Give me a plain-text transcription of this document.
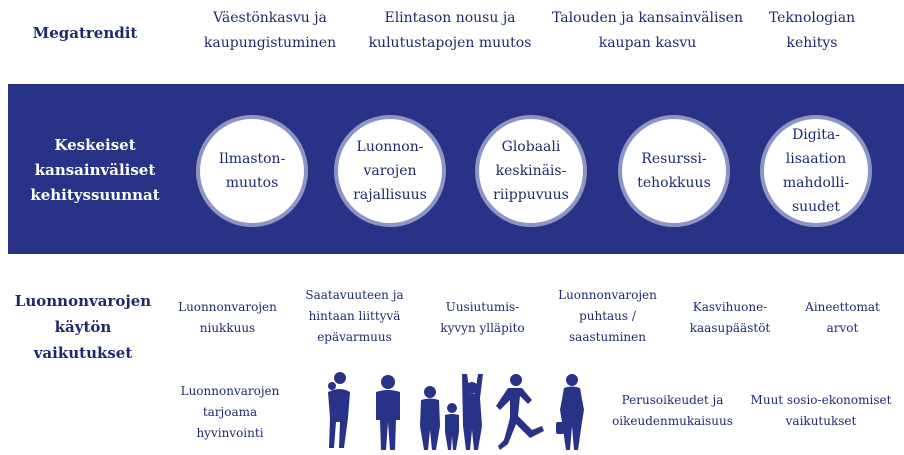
Megatrendit
Väestönkasvu ja
kaupungistuminen
Elintason nousu ja
kulutustapojen muutos
Talouden ja kansainvälisen
kaupan kasvu
Teknologian
kehitys
Keskeiset
kansainväliset
kehityssuunnat
Ilmaston-
muutos
Luonnon-
varojen
rajallisuus
Globaali
keskinäis-
riippuvuus
Resurssi-
tehokkuus
Digita-
lisaation
mahdolli-
suudet
Luonnonvarojen
käytön
vaikutukset
Luonnonvarojen
niukkuus
Saatavuuteen ja
hintaan liittyvä
epävarmuus
Uusiutumis-
kyvyn ylläpito
Luonnonvarojen
puhtaus /
saastuminen
Kasvihuone-
kaasupäästöt
Aineettomat
arvot
Luonnonvarojen
tarjoama
hyvinvointi
Perusoikeudet ja
oikeudenmukaisuus
Muut sosio-ekonomiset
vaikutukset
